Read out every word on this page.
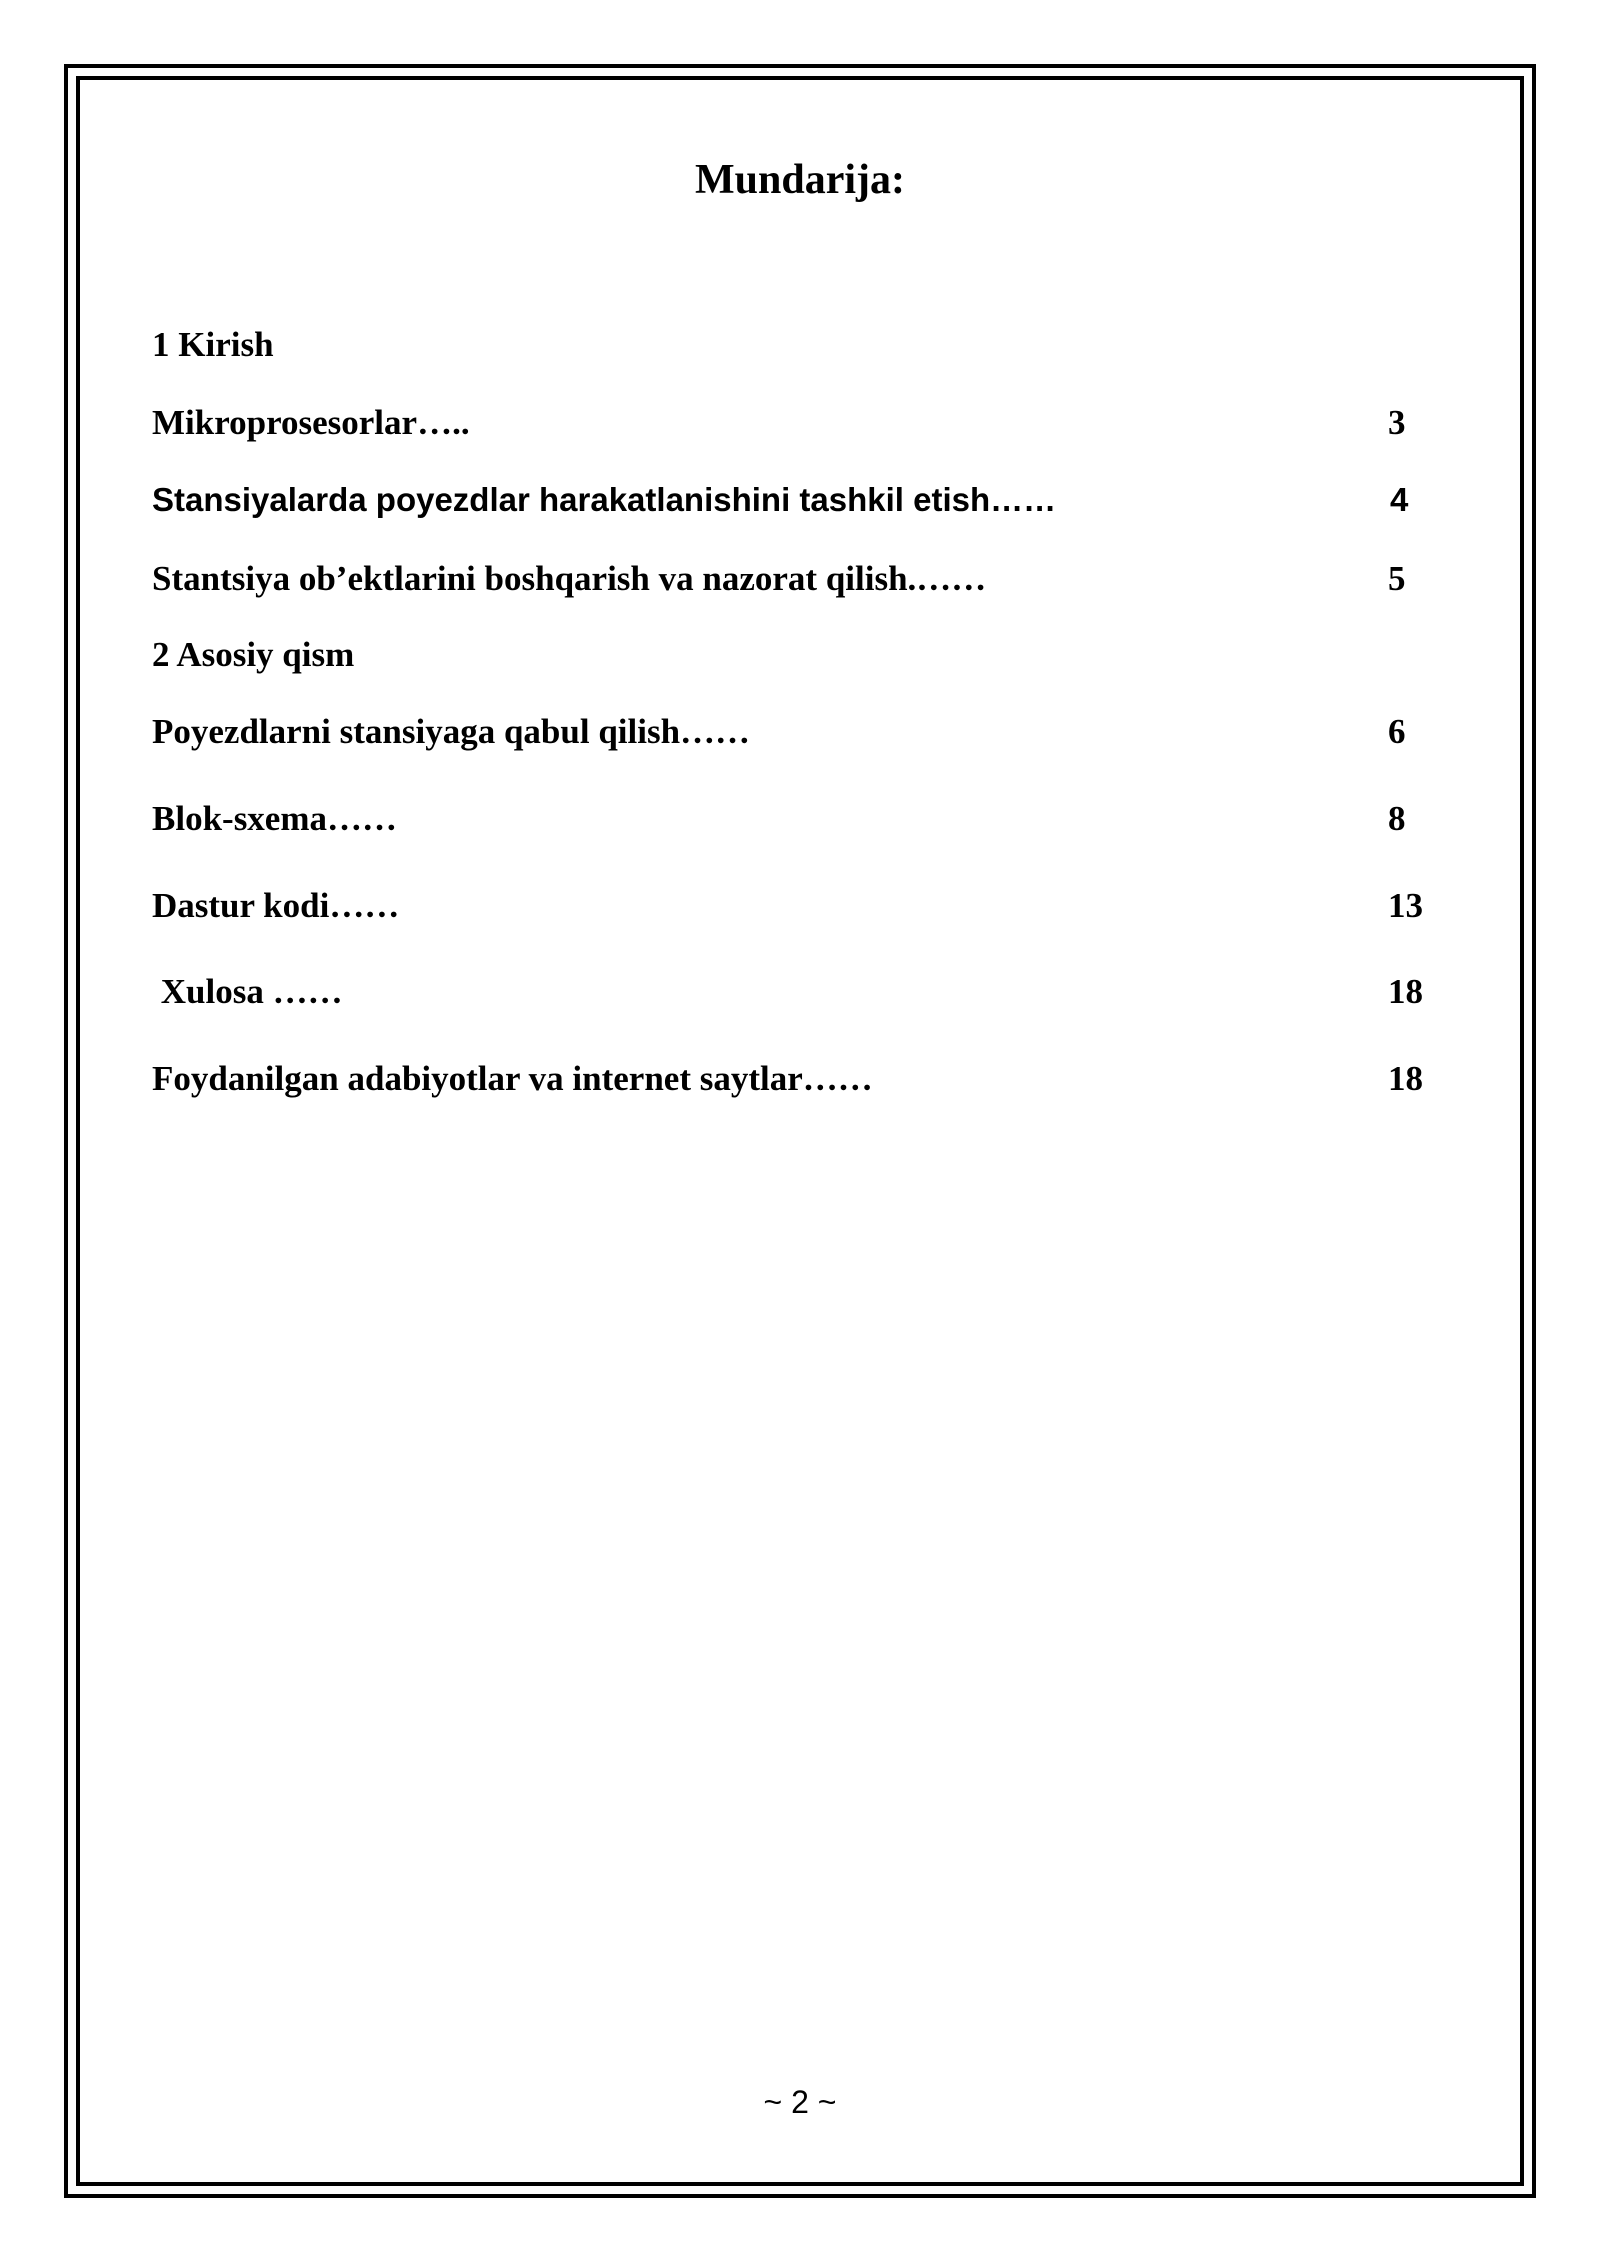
Mundarija:
1 Kirish
Mikroprosesorlar…..	3
Stansiyalarda poyezdlar harakatlanishini tashkil etish……	4
Stantsiya ob’ektlarini boshqarish va nazorat qilish.……	5
2 Asosiy qism
Poyezdlarni stansiyaga qabul qilish……	6
Blok-sxema……	8
Dastur kodi……	13
Xulosa ……	18
Foydanilgan adabiyotlar va internet saytlar……	18
~ 2 ~
